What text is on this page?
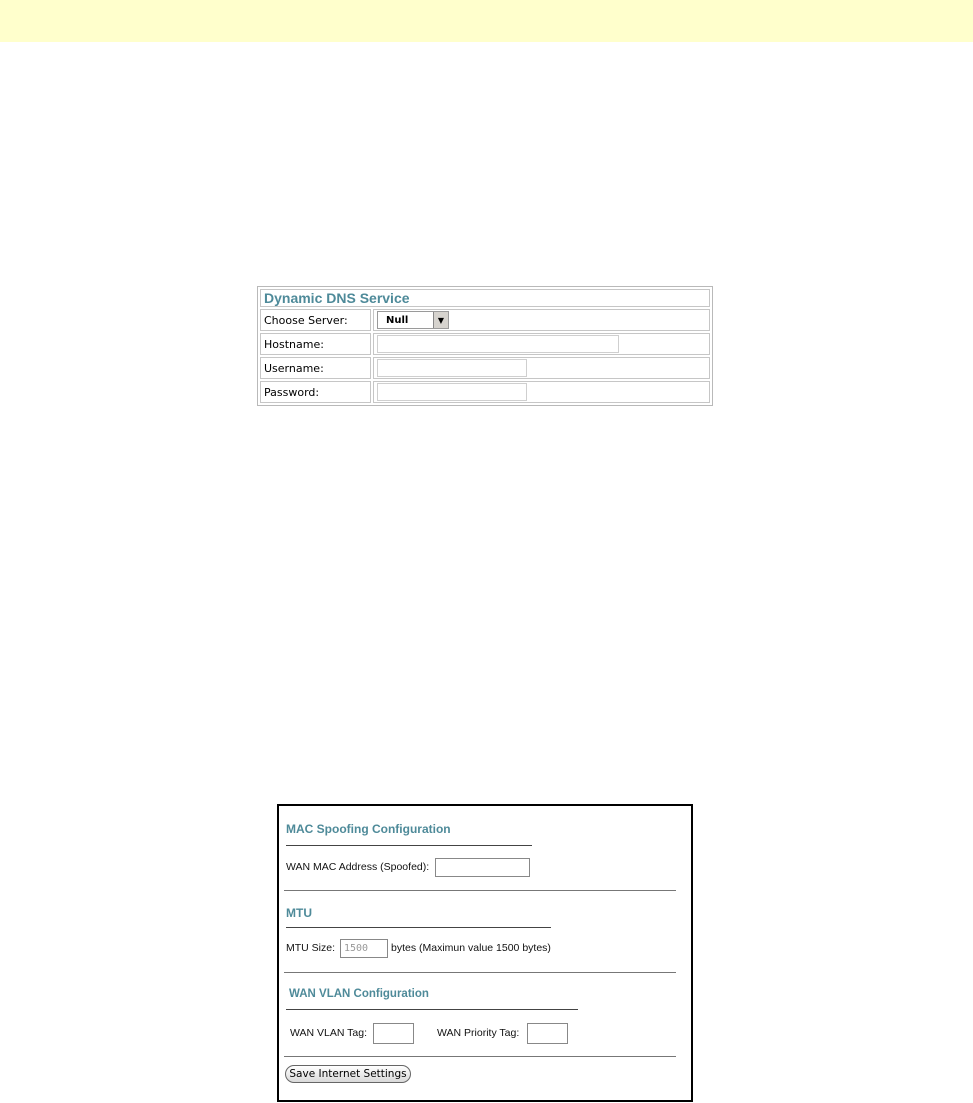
Dynamic DNS Service	
Choose Server:	Null ▼

Hostname:	

Username:	

Password:	
MAC Spoofing Configuration
WAN MAC Address (Spoofed):
MTU
MTU Size:
1500	bytes (Maximun value 1500 bytes)
WAN VLAN Configuration
WAN VLAN Tag:	WAN Priority Tag:
Save Internet Settings
